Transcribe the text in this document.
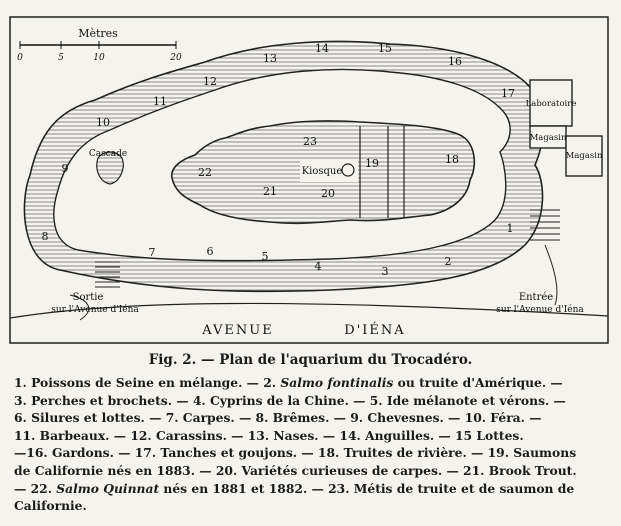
Mètres
0	5	10	20
Kiosque
Cascade
Laboratoire
Magasin
Magasin
Sortie
sur l'Avenue d'Iéna
Entrée
sur l'Avenue d'Iéna
AVENUE	D'IÉNA
1
2
3
4
5
6
7
8
9
10
11
12
13
14	15
16
17
18
19
20
21
22
23
Fig. 2. — Plan de l'aquarium du Trocadéro.
1. Poissons de Seine en mélange. — 2. Salmo fontinalis ou truite d'Amérique. —
3. Perches et brochets. — 4. Cyprins de la Chine. — 5. Ide mélanote et vérons. —
6. Silures et lottes. — 7. Carpes. — 8. Brêmes. — 9. Chevesnes. — 10. Féra. —
11. Barbeaux. — 12. Carassins. — 13. Nases. — 14. Anguilles. — 15 Lottes.
—16. Gardons. — 17. Tanches et goujons. — 18. Truites de rivière. — 19. Saumons
de Californie nés en 1883. — 20. Variétés curieuses de carpes. — 21. Brook Trout.
— 22. Salmo Quinnat nés en 1881 et 1882. — 23. Métis de truite et de saumon de
Californie.
